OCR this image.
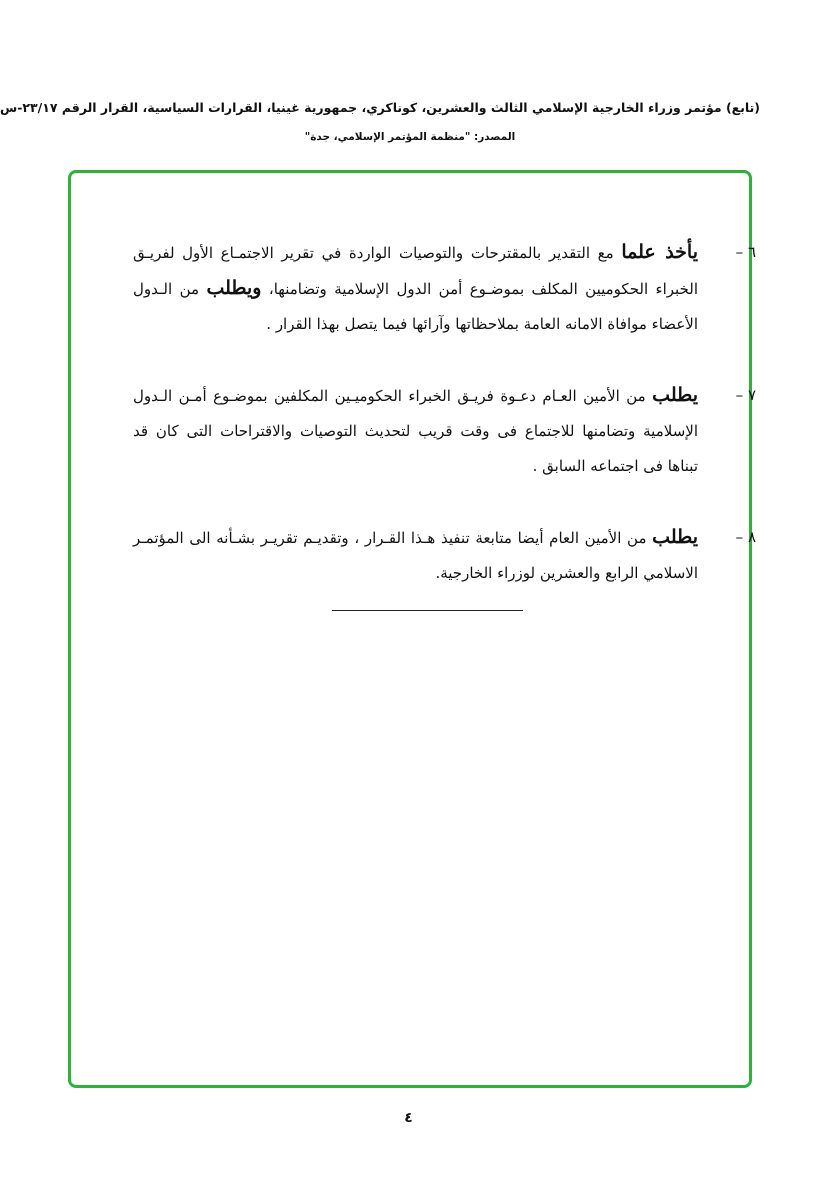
(تابع) مؤتمر وزراء الخارجية الإسلامي الثالث والعشرين، كوناكري، جمهورية غينيا، القرارات السياسية، القرار الرقم ٢٣/١٧-س
المصدر: "منظمة المؤتمر الإسلامي، جدة"
٦ –
يأخذ علما مع التقدير بالمقترحات والتوصيات الواردة في تقرير الاجتمـاع الأول لفريـق الخبراء الحكوميين المكلف بموضـوع أمن الدول الإسلامية وتضامنها، ويطلب من الـدول الأعضاء موافاة الامانه العامة بملاحظاتها وآرائها فيما يتصل بهذا القرار .
٧ –
يطلب من الأمين العـام دعـوة فريـق الخبراء الحكوميـين المكلفين بموضـوع أمـن الـدول الإسلامية وتضامنها للاجتماع فى وقت قريب لتحديث التوصيات والاقتراحات التى كان قد تبناها فى اجتماعه السابق .
٨ –
يطلب من الأمين العام أيضا متابعة تنفيذ هـذا القـرار ، وتقديـم تقريـر بشـأنه الى المؤتمـر الاسلامي الرابع والعشرين لوزراء الخارجية.
٤
